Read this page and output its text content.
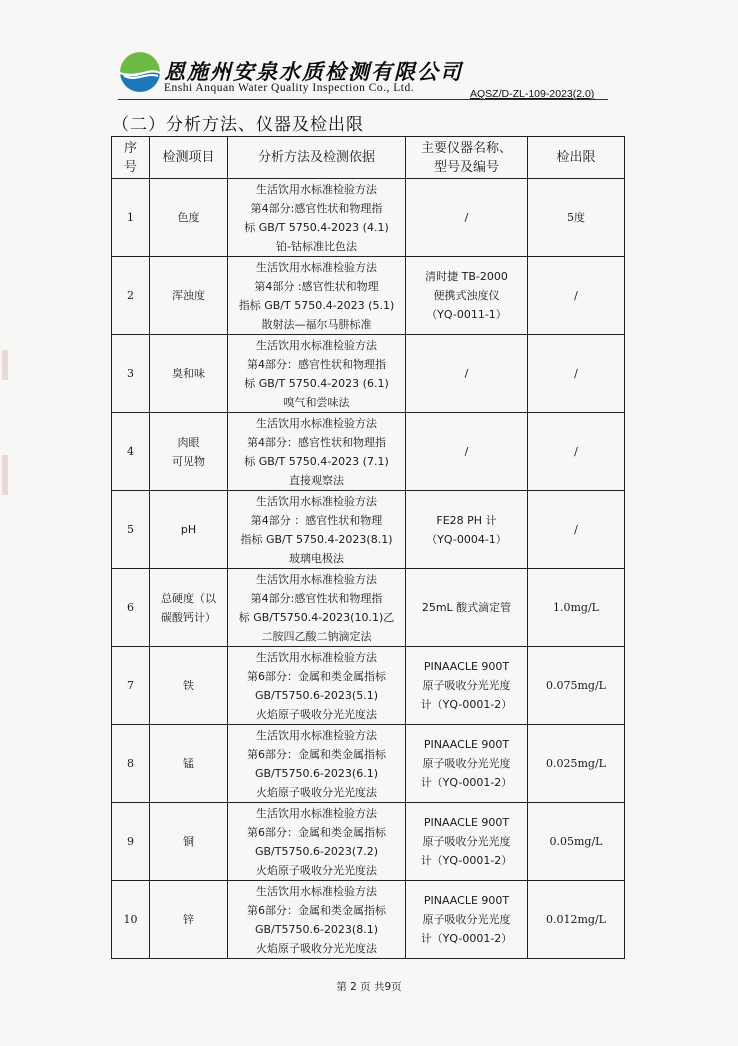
恩施州安泉水质检测有限公司
Enshi Anquan Water Quality Inspection Co., Ltd.	AQSZ/D-ZL-109-2023(2.0)
（二）分析方法、仪器及检出限
序
号	检测项目	分析方法及检测依据	主要仪器名称、
型号及编号	检出限
1	色度	生活饮用水标准检验方法
第4部分:感官性状和物理指
标 GB/T 5750.4-2023 (4.1)
铂-钴标准比色法	/	5度
2	浑浊度	生活饮用水标准检验方法
第4部分 :感官性状和物理
指标 GB/T 5750.4-2023 (5.1)
散射法—福尔马肼标准	清时捷 TB-2000
便携式浊度仪
（YQ-0011-1）	/
3	臭和味	生活饮用水标准检验方法
第4部分：感官性状和物理指
标 GB/T 5750.4-2023 (6.1)
嗅气和尝味法	/	/
4	肉眼
可见物	生活饮用水标准检验方法
第4部分：感官性状和物理指
标 GB/T 5750.4-2023 (7.1)
直接观察法	/	/
5	pH	生活饮用水标准检验方法
第4部分 ：感官性状和物理
指标 GB/T 5750.4-2023(8.1)
玻璃电极法	FE28 PH 计
（YQ-0004-1）	/
6	总硬度（以
碳酸钙计）	生活饮用水标准检验方法
第4部分:感官性状和物理指
标 GB/T5750.4-2023(10.1)乙
二胺四乙酸二钠滴定法	25mL 酸式滴定管	1.0mg/L
7	铁	生活饮用水标准检验方法
第6部分：金属和类金属指标
GB/T5750.6-2023(5.1)
火焰原子吸收分光光度法	PINAACLE 900T
原子吸收分光光度
计（YQ-0001-2）	0.075mg/L
8	锰	生活饮用水标准检验方法
第6部分：金属和类金属指标
GB/T5750.6-2023(6.1)
火焰原子吸收分光光度法	PINAACLE 900T
原子吸收分光光度
计（YQ-0001-2）	0.025mg/L
9	铜	生活饮用水标准检验方法
第6部分：金属和类金属指标
GB/T5750.6-2023(7.2)
火焰原子吸收分光光度法	PINAACLE 900T
原子吸收分光光度
计（YQ-0001-2）	0.05mg/L
10	锌	生活饮用水标准检验方法
第6部分：金属和类金属指标
GB/T5750.6-2023(8.1)
火焰原子吸收分光光度法	PINAACLE 900T
原子吸收分光光度
计（YQ-0001-2）	0.012mg/L
第 2 页 共9页
